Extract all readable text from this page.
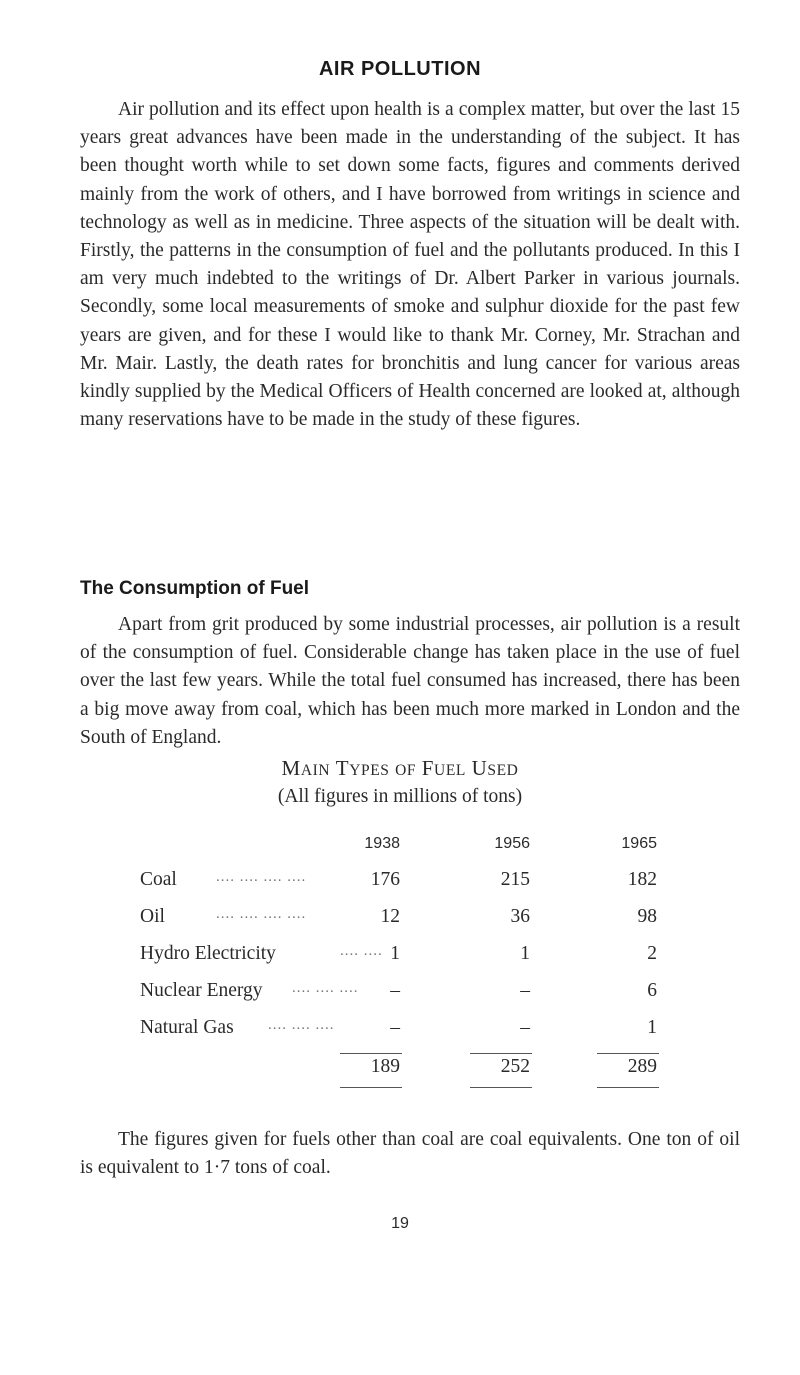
AIR POLLUTION

Air pollution and its effect upon health is a complex matter, but over the last 15 years great advances have been made in the understanding of the subject. It has been thought worth while to set down some facts, figures and comments derived mainly from the work of others, and I have borrowed from writings in science and technology as well as in medicine. Three aspects of the situation will be dealt with. Firstly, the patterns in the consumption of fuel and the pollutants produced. In this I am very much indebted to the writings of Dr. Albert Parker in various journals. Secondly, some local measurements of smoke and sulphur dioxide for the past few years are given, and for these I would like to thank Mr. Corney, Mr. Strachan and Mr. Mair. Lastly, the death rates for bronchitis and lung cancer for various areas kindly supplied by the Medical Officers of Health concerned are looked at, although many reservations have to be made in the study of these figures.

The Consumption of Fuel

Apart from grit produced by some industrial processes, air pollution is a result of the consumption of fuel. Considerable change has taken place in the use of fuel over the last few years. While the total fuel consumed has increased, there has been a big move away from coal, which has been much more marked in London and the South of England.

MAIN TYPES OF FUEL USED
(All figures in millions of tons)
1938	1956	1965
Coal	.... .... .... ....	176	215	182
Oil	.... .... .... ....	12	36	98
Hydro Electricity	.... .... 1	1	2
Nuclear Energy .... .... ....	–	–	6
Natural Gas .... .... ....	–	–	1
189	252	289

The figures given for fuels other than coal are coal equivalents. One ton of oil is equivalent to 1·7 tons of coal.

19
